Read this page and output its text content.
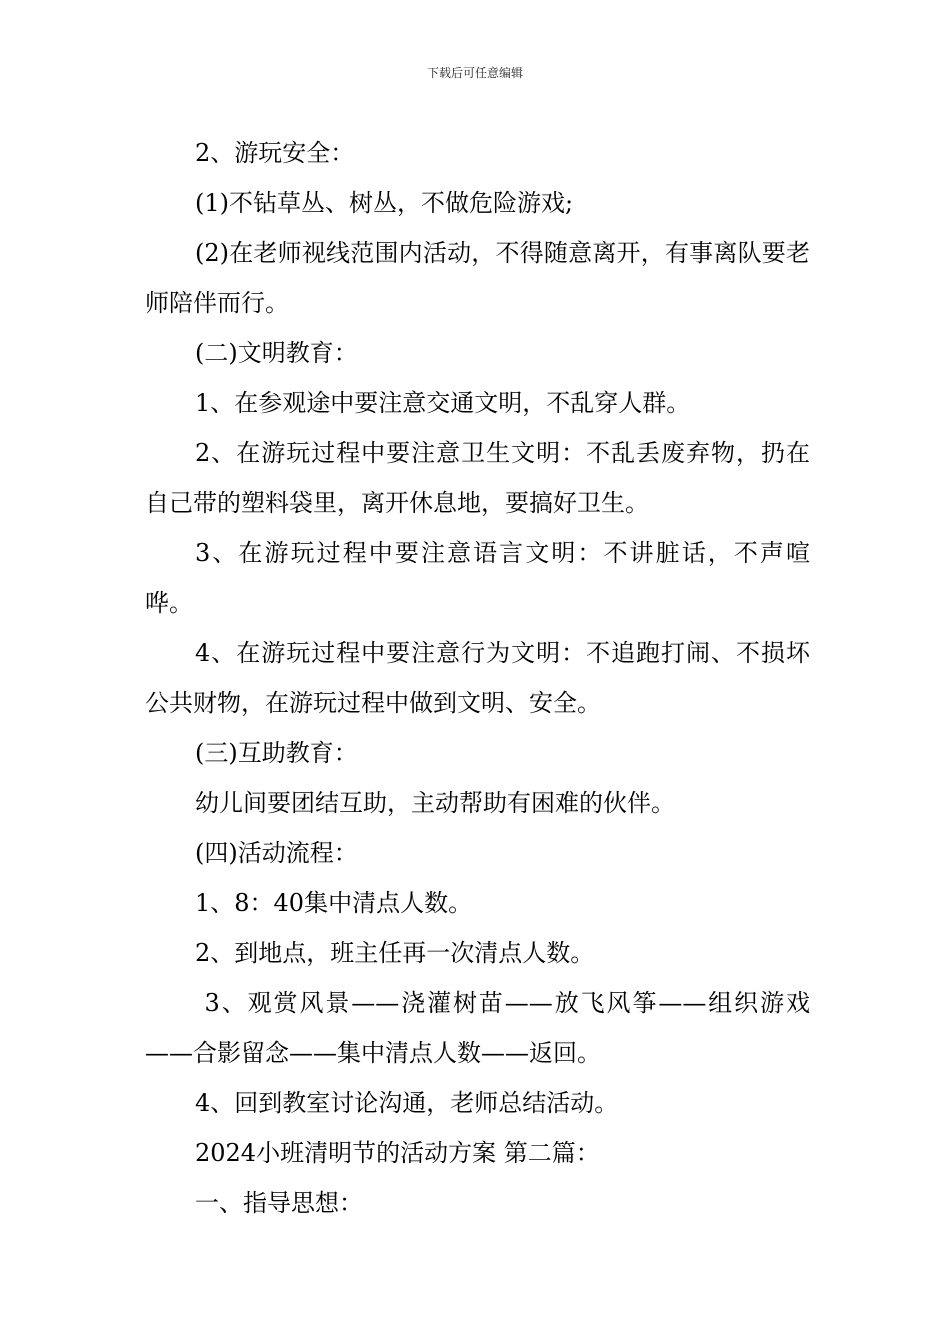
下载后可任意编辑

2、游玩安全：

(1)不钻草丛、树丛，不做危险游戏;

(2)在老师视线范围内活动，不得随意离开，有事离队要老师陪伴而行。

(二)文明教育：

1、在参观途中要注意交通文明，不乱穿人群。

2、在游玩过程中要注意卫生文明：不乱丢废弃物，扔在自己带的塑料袋里，离开休息地，要搞好卫生。

3、在游玩过程中要注意语言文明：不讲脏话，不声喧哗。

4、在游玩过程中要注意行为文明：不追跑打闹、不损坏公共财物，在游玩过程中做到文明、安全。

(三)互助教育：

幼儿间要团结互助，主动帮助有困难的伙伴。

(四)活动流程：

1、8：40集中清点人数。

2、到地点，班主任再一次清点人数。

3、观赏风景——浇灌树苗——放飞风筝——组织游戏——合影留念——集中清点人数——返回。

4、回到教室讨论沟通，老师总结活动。

2024小班清明节的活动方案 第二篇：

一、指导思想：
